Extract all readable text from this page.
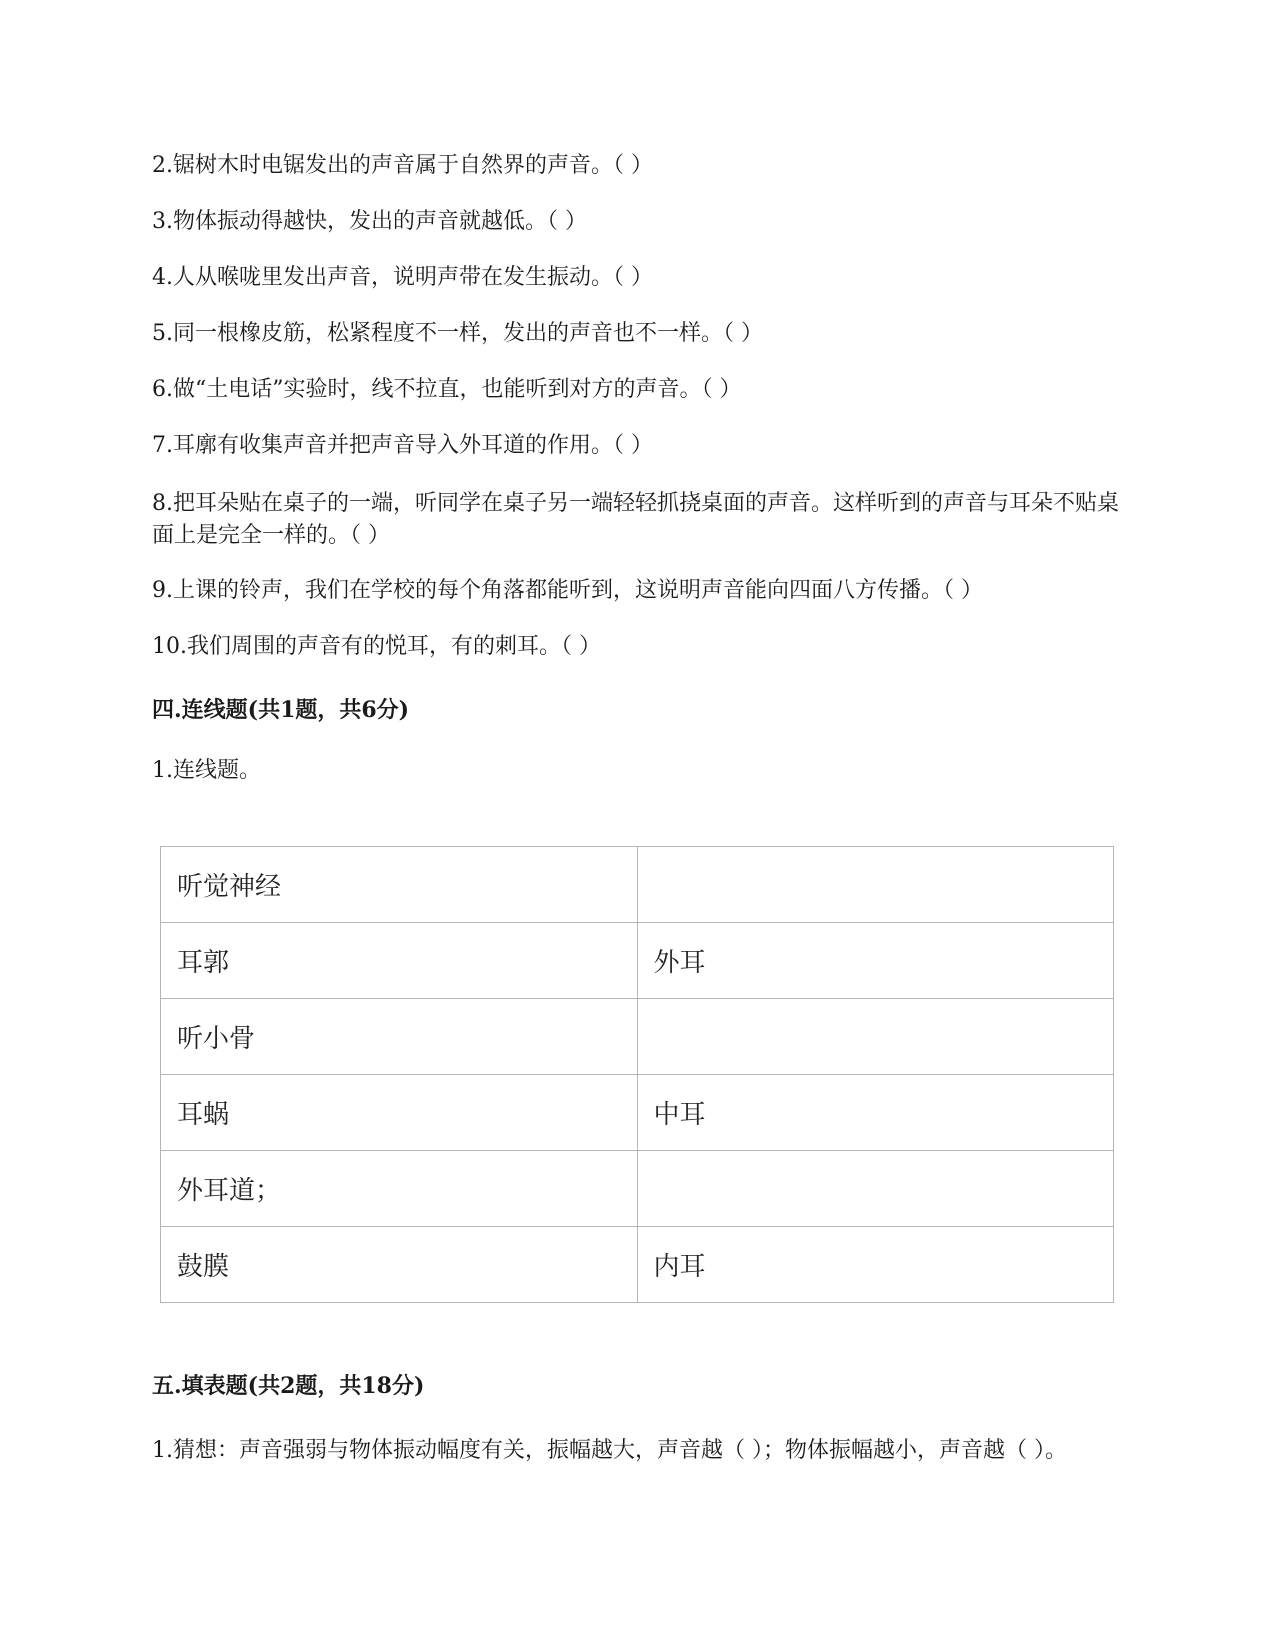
2.锯树木时电锯发出的声音属于自然界的声音。（ ）
3.物体振动得越快，发出的声音就越低。（ ）
4.人从喉咙里发出声音，说明声带在发生振动。（ ）
5.同一根橡皮筋，松紧程度不一样，发出的声音也不一样。（ ）
6.做“土电话”实验时，线不拉直，也能听到对方的声音。（ ）
7.耳廓有收集声音并把声音导入外耳道的作用。（ ）
8.把耳朵贴在桌子的一端，听同学在桌子另一端轻轻抓挠桌面的声音。这样听到的声音与耳朵不贴桌面上是完全一样的。（ ）
9.上课的铃声，我们在学校的每个角落都能听到，这说明声音能向四面八方传播。（ ）
10.我们周围的声音有的悦耳，有的刺耳。（ ）
四.连线题(共1题，共6分)
1.连线题。
听觉神经	
耳郭	外耳
听小骨	
耳蜗	中耳
外耳道；	
鼓膜	内耳
五.填表题(共2题，共18分)
1.猜想：声音强弱与物体振动幅度有关，振幅越大，声音越（ ）；物体振幅越小，声音越（ ）。
